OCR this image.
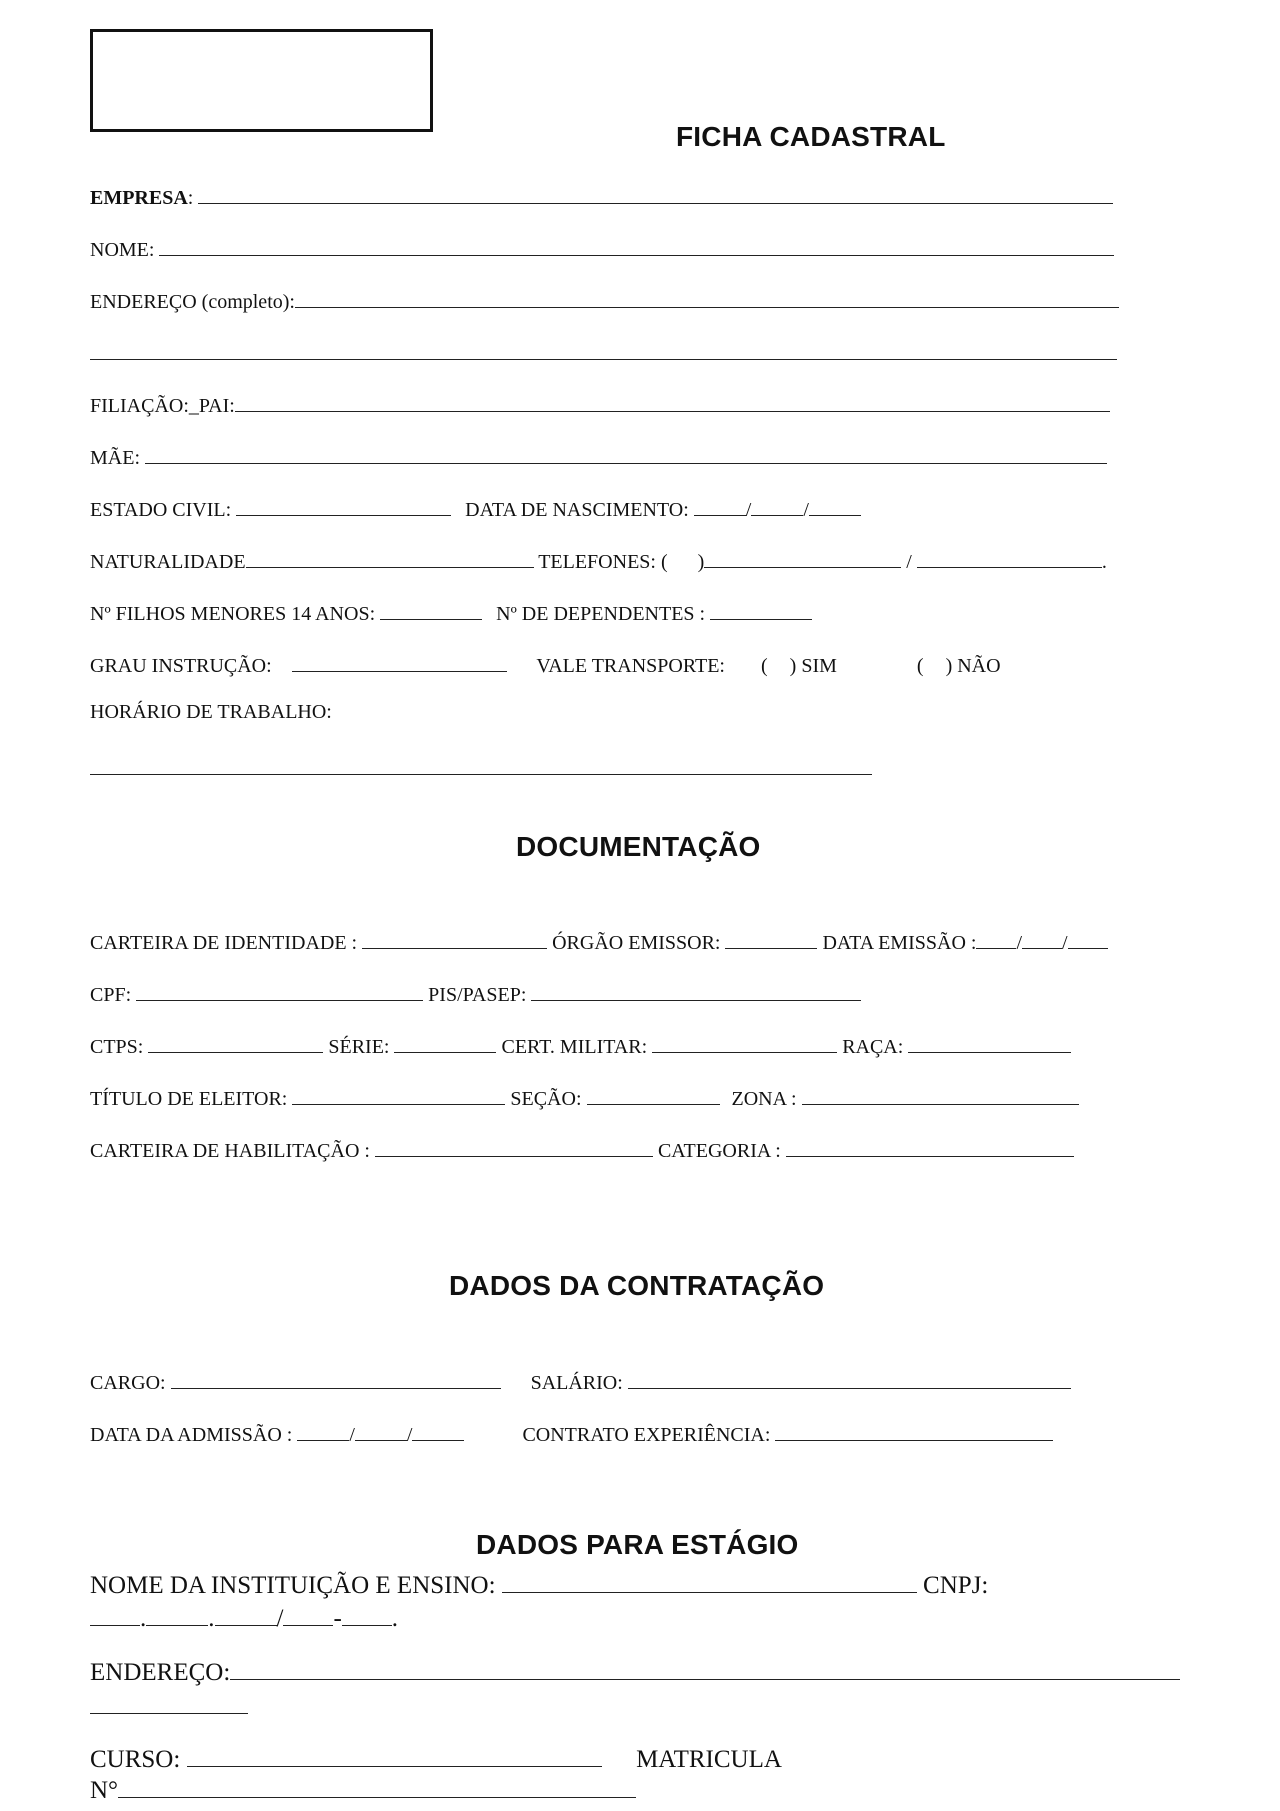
FICHA CADASTRAL
EMPRESA:
NOME:
ENDEREÇO (completo):
FILIAÇÃO:_PAI:
MÃE:
ESTADO CIVIL:	DATA DE NASCIMENTO:	/	/
NATURALIDADE	TELEFONES: ( )	/	.
Nº FILHOS MENORES 14 ANOS:	Nº DE DEPENDENTES :
GRAU INSTRUÇÃO:	VALE TRANSPORTE: ( ) SIM	( ) NÃO
HORÁRIO DE TRABALHO:
DOCUMENTAÇÃO
CARTEIRA DE IDENTIDADE :	ÓRGÃO EMISSOR:	DATA EMISSÃO : / /
CPF:	PIS/PASEP:
CTPS:	SÉRIE:	CERT. MILITAR:	RAÇA:
TÍTULO DE ELEITOR:	SEÇÃO:	ZONA :
CARTEIRA DE HABILITAÇÃO :	CATEGORIA :
DADOS DA CONTRATAÇÃO
CARGO:	SALÁRIO:
DATA DA ADMISSÃO :	/	/	CONTRATO EXPERIÊNCIA:
DADOS PARA ESTÁGIO
NOME DA INSTITUIÇÃO E ENSINO:	CNPJ:
. . / - .
ENDEREÇO:
CURSO:	MATRICULA
N°
